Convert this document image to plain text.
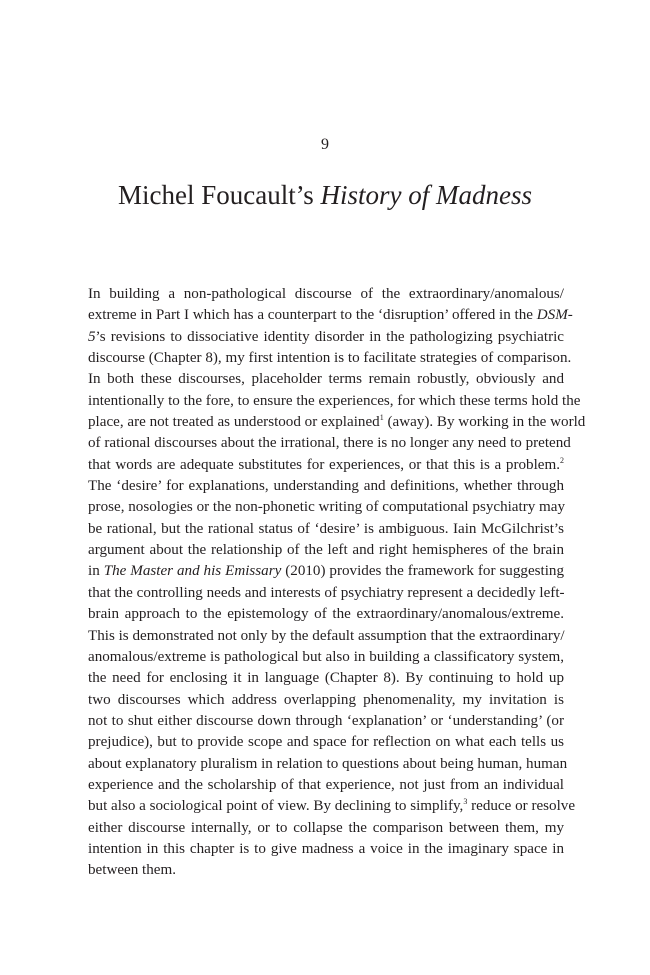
9
Michel Foucault’s History of Madness
In building a non-pathological discourse of the extraordinary/anomalous/
extreme in Part I which has a counterpart to the ‘disruption’ offered in the DSM-
5’s revisions to dissociative identity disorder in the pathologizing psychiatric
discourse (Chapter 8), my first intention is to facilitate strategies of comparison.
In both these discourses, placeholder terms remain robustly, obviously and
intentionally to the fore, to ensure the experiences, for which these terms hold the
place, are not treated as understood or explained$^1$ (away). By working in the world
of rational discourses about the irrational, there is no longer any need to pretend
that words are adequate substitutes for experiences, or that this is a problem.$^2$
The ‘desire’ for explanations, understanding and definitions, whether through
prose, nosologies or the non-phonetic writing of computational psychiatry may
be rational, but the rational status of ‘desire’ is ambiguous. Iain McGilchrist’s
argument about the relationship of the left and right hemispheres of the brain
in The Master and his Emissary (2010) provides the framework for suggesting
that the controlling needs and interests of psychiatry represent a decidedly left-
brain approach to the epistemology of the extraordinary/anomalous/extreme.
This is demonstrated not only by the default assumption that the extraordinary/
anomalous/extreme is pathological but also in building a classificatory system,
the need for enclosing it in language (Chapter 8). By continuing to hold up
two discourses which address overlapping phenomenality, my invitation is
not to shut either discourse down through ‘explanation’ or ‘understanding’ (or
prejudice), but to provide scope and space for reflection on what each tells us
about explanatory pluralism in relation to questions about being human, human
experience and the scholarship of that experience, not just from an individual
but also a sociological point of view. By declining to simplify,$^3$ reduce or resolve
either discourse internally, or to collapse the comparison between them, my
intention in this chapter is to give madness a voice in the imaginary space in
between them.
